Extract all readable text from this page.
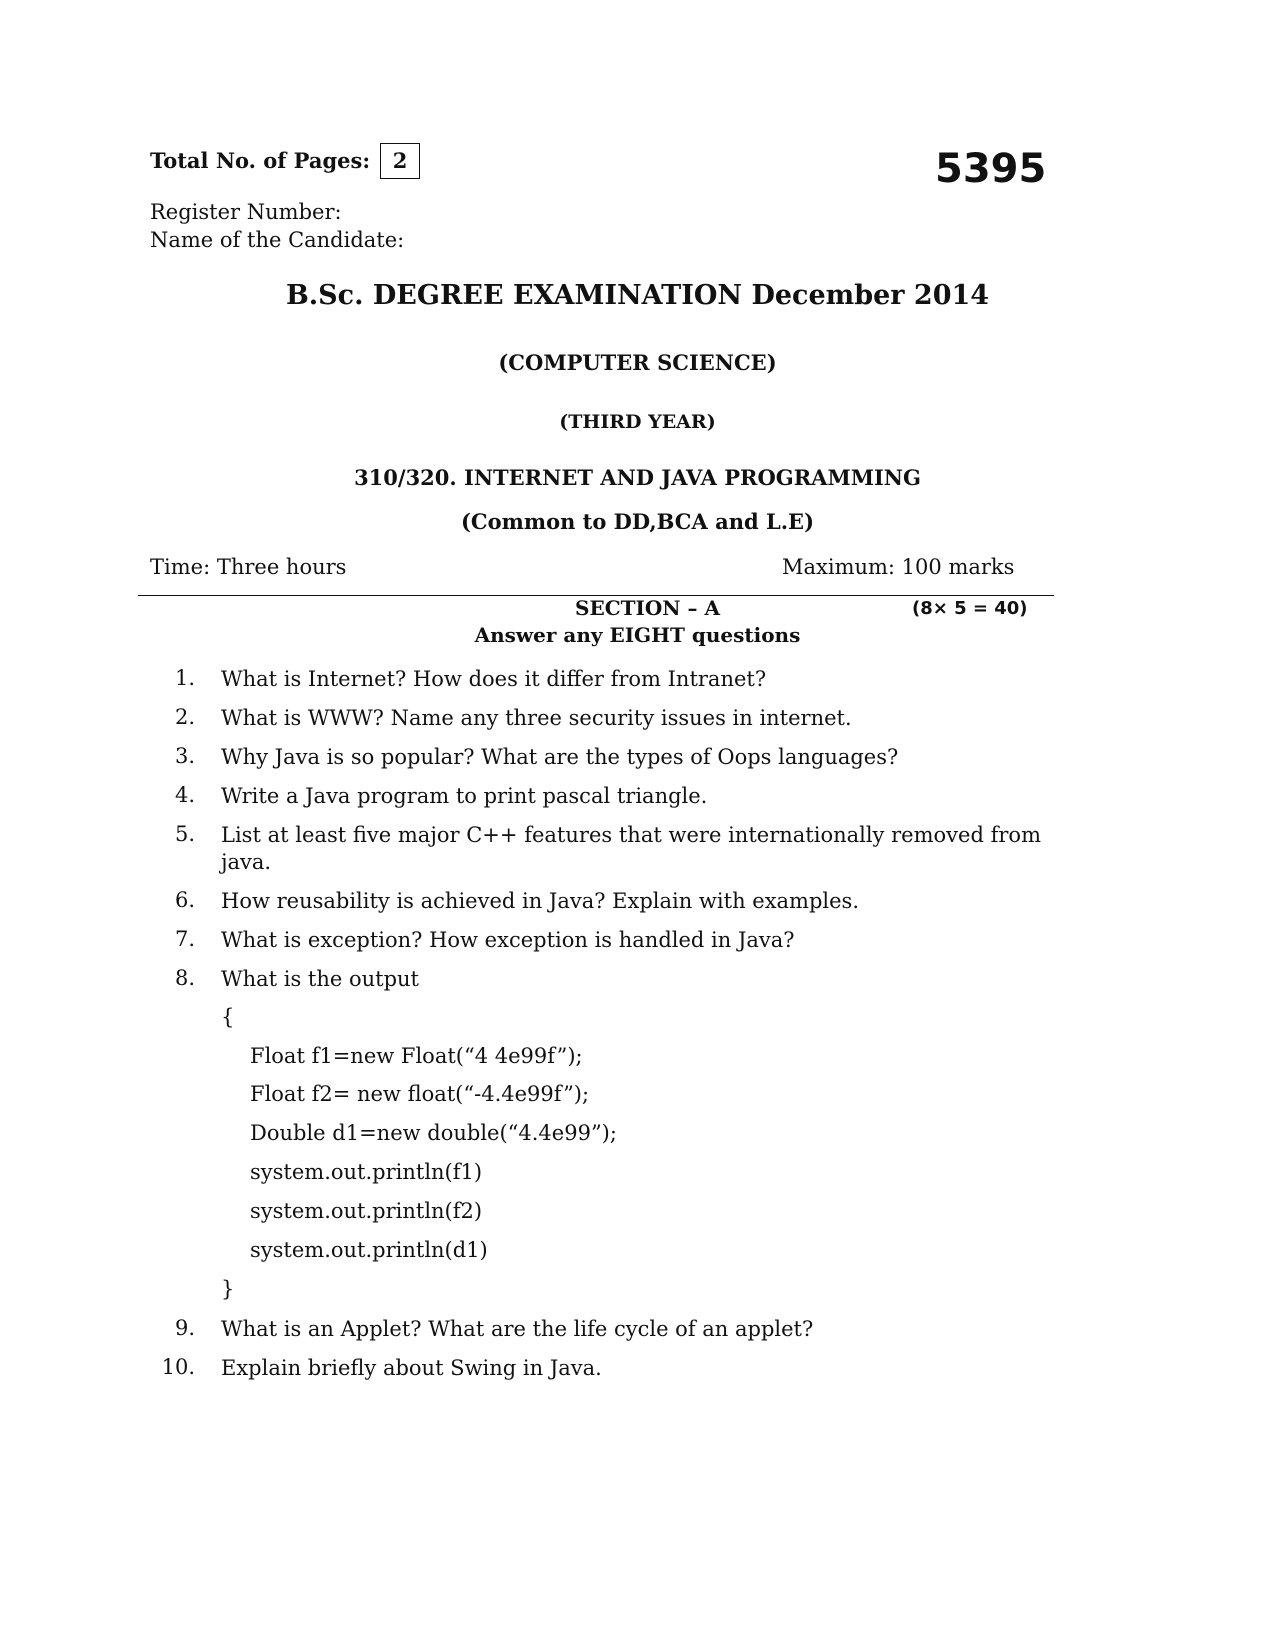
Total No. of Pages:	2	5395
Register Number:
Name of the Candidate:
B.Sc. DEGREE EXAMINATION December 2014
(COMPUTER SCIENCE)
(THIRD YEAR)
310/320. INTERNET AND JAVA PROGRAMMING
(Common to DD,BCA and L.E)
Time: Three hours	Maximum: 100 marks
SECTION – A	(8× 5 = 40)
Answer any EIGHT questions
1. What is Internet? How does it differ from Intranet?
2. What is WWW? Name any three security issues in internet.
3. Why Java is so popular? What are the types of Oops languages?
4. Write a Java program to print pascal triangle.
5. List at least five major C++ features that were internationally removed from java.
6. How reusability is achieved in Java? Explain with examples.
7. What is exception? How exception is handled in Java?
8. What is the output
{
Float f1=new Float(“4 4e99f”);
Float f2= new float(“-4.4e99f”);
Double d1=new double(“4.4e99”);
system.out.println(f1)
system.out.println(f2)
system.out.println(d1)
}
9. What is an Applet? What are the life cycle of an applet?
10. Explain briefly about Swing in Java.
